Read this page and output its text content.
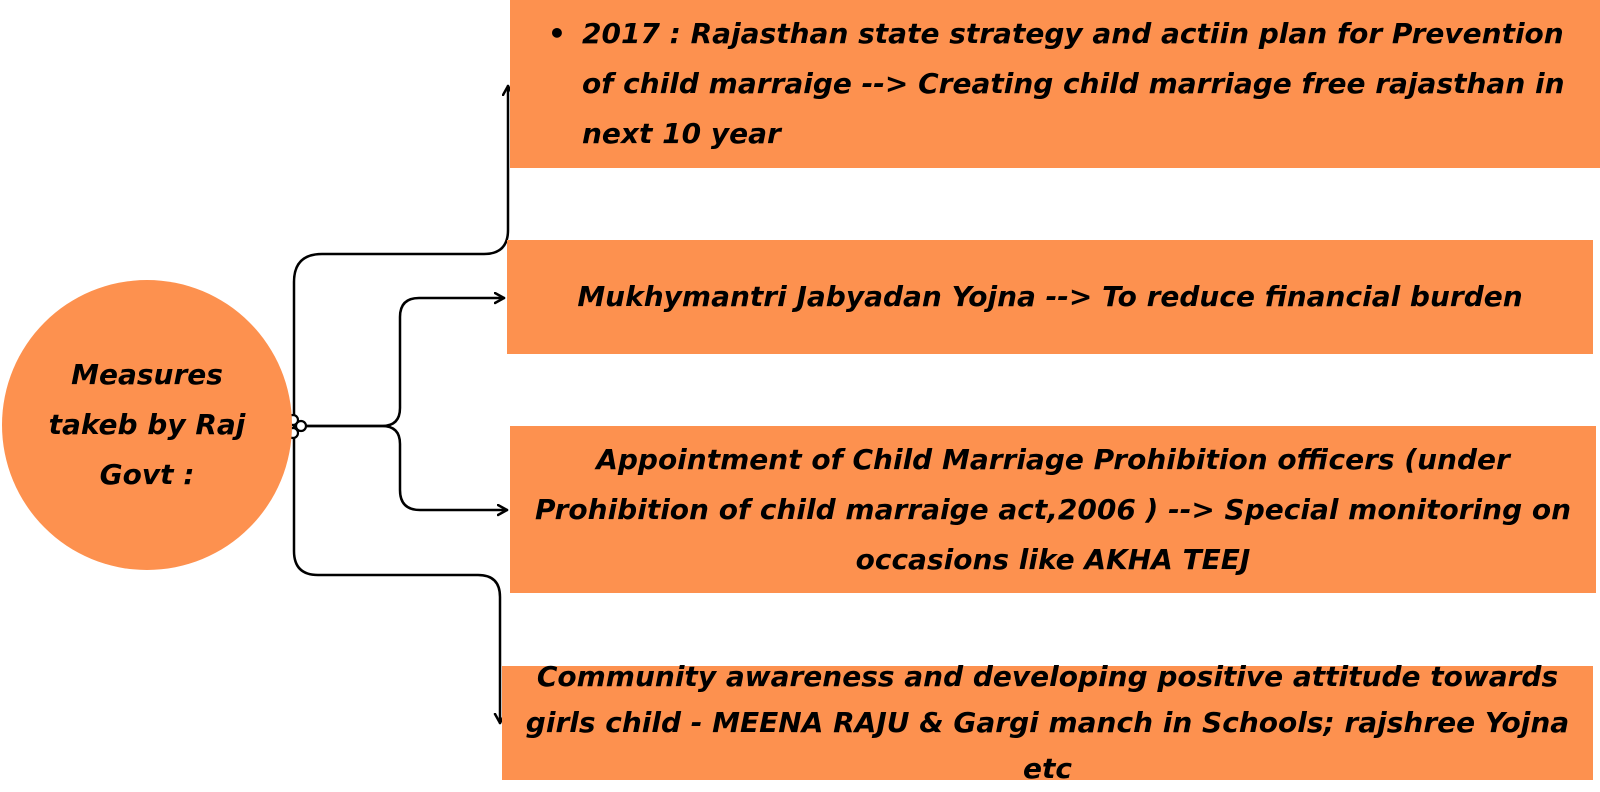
Measures
takeb by Raj
Govt :
• 2017 : Rajasthan state strategy and actiin plan for Prevention of child marraige --> Creating child marriage free rajasthan in next 10 year
Mukhymantri Jabyadan Yojna --> To reduce financial burden
Appointment of Child Marriage Prohibition officers (under Prohibition of child marraige act,2006 ) --> Special monitoring on occasions like AKHA TEEJ
Community awareness and developing positive attitude towards girls child - MEENA RAJU & Gargi manch in Schools; rajshree Yojna etc
